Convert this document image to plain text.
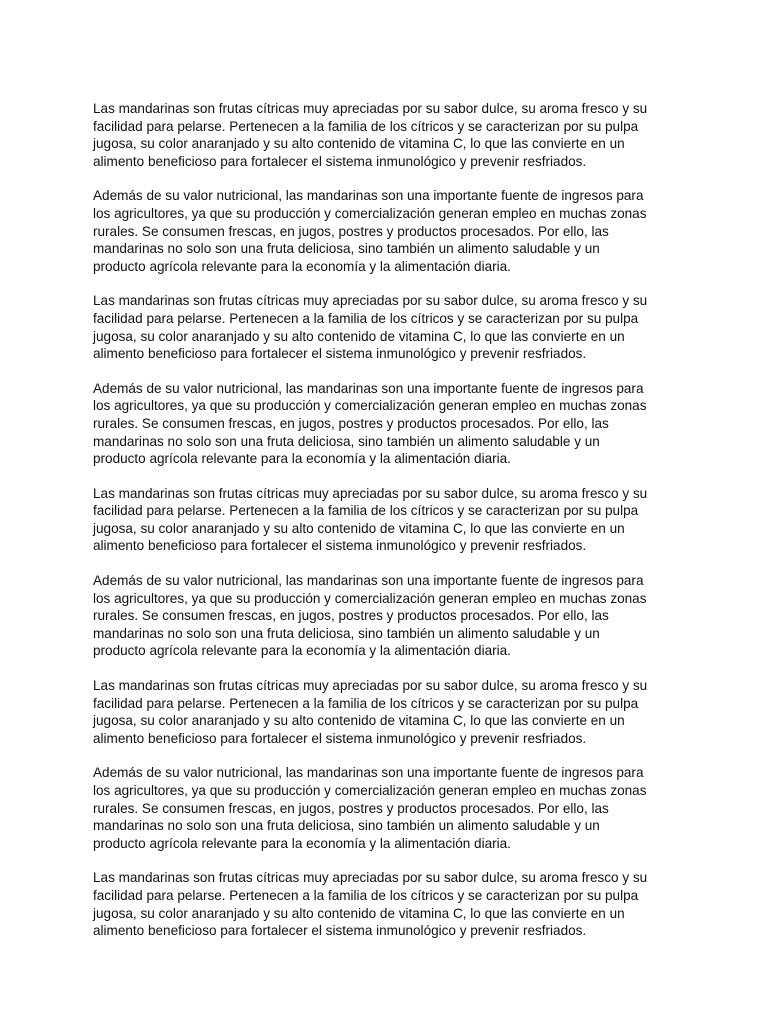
Las mandarinas son frutas cítricas muy apreciadas por su sabor dulce, su aroma fresco y su
facilidad para pelarse. Pertenecen a la familia de los cítricos y se caracterizan por su pulpa
jugosa, su color anaranjado y su alto contenido de vitamina C, lo que las convierte en un
alimento beneficioso para fortalecer el sistema inmunológico y prevenir resfriados.

Además de su valor nutricional, las mandarinas son una importante fuente de ingresos para
los agricultores, ya que su producción y comercialización generan empleo en muchas zonas
rurales. Se consumen frescas, en jugos, postres y productos procesados. Por ello, las
mandarinas no solo son una fruta deliciosa, sino también un alimento saludable y un
producto agrícola relevante para la economía y la alimentación diaria.

Las mandarinas son frutas cítricas muy apreciadas por su sabor dulce, su aroma fresco y su
facilidad para pelarse. Pertenecen a la familia de los cítricos y se caracterizan por su pulpa
jugosa, su color anaranjado y su alto contenido de vitamina C, lo que las convierte en un
alimento beneficioso para fortalecer el sistema inmunológico y prevenir resfriados.

Además de su valor nutricional, las mandarinas son una importante fuente de ingresos para
los agricultores, ya que su producción y comercialización generan empleo en muchas zonas
rurales. Se consumen frescas, en jugos, postres y productos procesados. Por ello, las
mandarinas no solo son una fruta deliciosa, sino también un alimento saludable y un
producto agrícola relevante para la economía y la alimentación diaria.

Las mandarinas son frutas cítricas muy apreciadas por su sabor dulce, su aroma fresco y su
facilidad para pelarse. Pertenecen a la familia de los cítricos y se caracterizan por su pulpa
jugosa, su color anaranjado y su alto contenido de vitamina C, lo que las convierte en un
alimento beneficioso para fortalecer el sistema inmunológico y prevenir resfriados.

Además de su valor nutricional, las mandarinas son una importante fuente de ingresos para
los agricultores, ya que su producción y comercialización generan empleo en muchas zonas
rurales. Se consumen frescas, en jugos, postres y productos procesados. Por ello, las
mandarinas no solo son una fruta deliciosa, sino también un alimento saludable y un
producto agrícola relevante para la economía y la alimentación diaria.

Las mandarinas son frutas cítricas muy apreciadas por su sabor dulce, su aroma fresco y su
facilidad para pelarse. Pertenecen a la familia de los cítricos y se caracterizan por su pulpa
jugosa, su color anaranjado y su alto contenido de vitamina C, lo que las convierte en un
alimento beneficioso para fortalecer el sistema inmunológico y prevenir resfriados.

Además de su valor nutricional, las mandarinas son una importante fuente de ingresos para
los agricultores, ya que su producción y comercialización generan empleo en muchas zonas
rurales. Se consumen frescas, en jugos, postres y productos procesados. Por ello, las
mandarinas no solo son una fruta deliciosa, sino también un alimento saludable y un
producto agrícola relevante para la economía y la alimentación diaria.

Las mandarinas son frutas cítricas muy apreciadas por su sabor dulce, su aroma fresco y su
facilidad para pelarse. Pertenecen a la familia de los cítricos y se caracterizan por su pulpa
jugosa, su color anaranjado y su alto contenido de vitamina C, lo que las convierte en un
alimento beneficioso para fortalecer el sistema inmunológico y prevenir resfriados.
